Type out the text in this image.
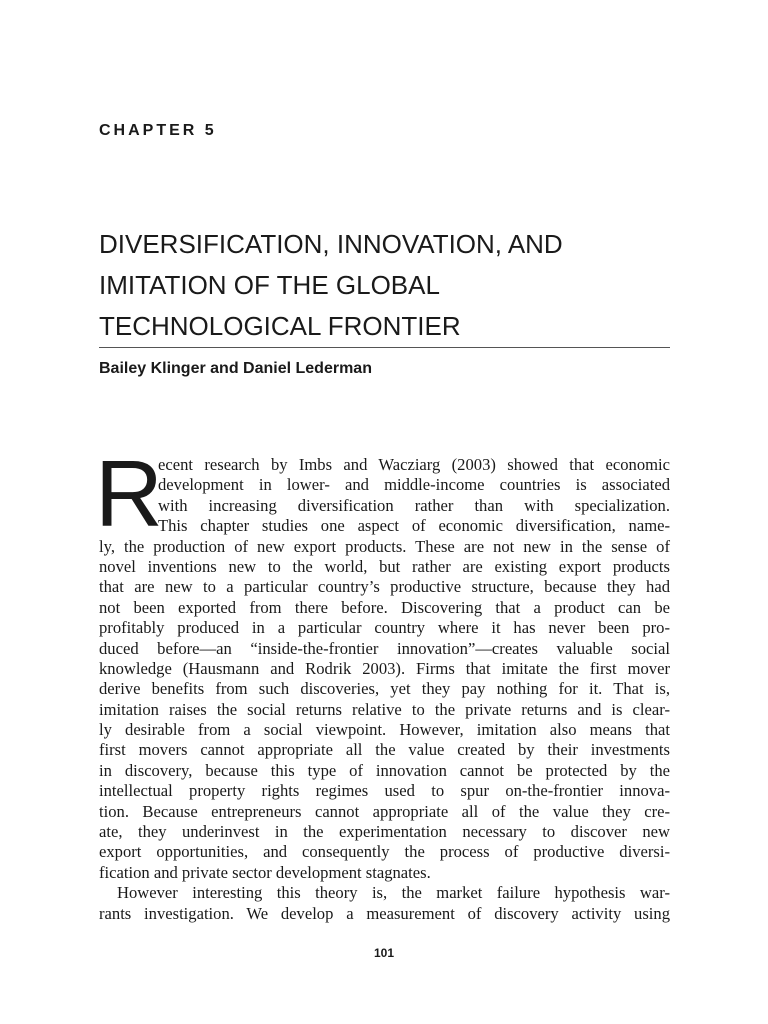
CHAPTER 5
DIVERSIFICATION, INNOVATION, AND
IMITATION OF THE GLOBAL
TECHNOLOGICAL FRONTIER
Bailey Klinger and Daniel Lederman
R
ecent research by Imbs and Wacziarg (2003) showed that economic
development in lower- and middle-income countries is associated
with increasing diversification rather than with specialization.
This chapter studies one aspect of economic diversification, name-
ly, the production of new export products. These are not new in the sense of
novel inventions new to the world, but rather are existing export products
that are new to a particular country’s productive structure, because they had
not been exported from there before. Discovering that a product can be
profitably produced in a particular country where it has never been pro-
duced before—an “inside-the-frontier innovation”—creates valuable social
knowledge (Hausmann and Rodrik 2003). Firms that imitate the first mover
derive benefits from such discoveries, yet they pay nothing for it. That is,
imitation raises the social returns relative to the private returns and is clear-
ly desirable from a social viewpoint. However, imitation also means that
first movers cannot appropriate all the value created by their investments
in discovery, because this type of innovation cannot be protected by the
intellectual property rights regimes used to spur on-the-frontier innova-
tion. Because entrepreneurs cannot appropriate all of the value they cre-
ate, they underinvest in the experimentation necessary to discover new
export opportunities, and consequently the process of productive diversi-
fication and private sector development stagnates.
However interesting this theory is, the market failure hypothesis war-
rants investigation. We develop a measurement of discovery activity using
101
